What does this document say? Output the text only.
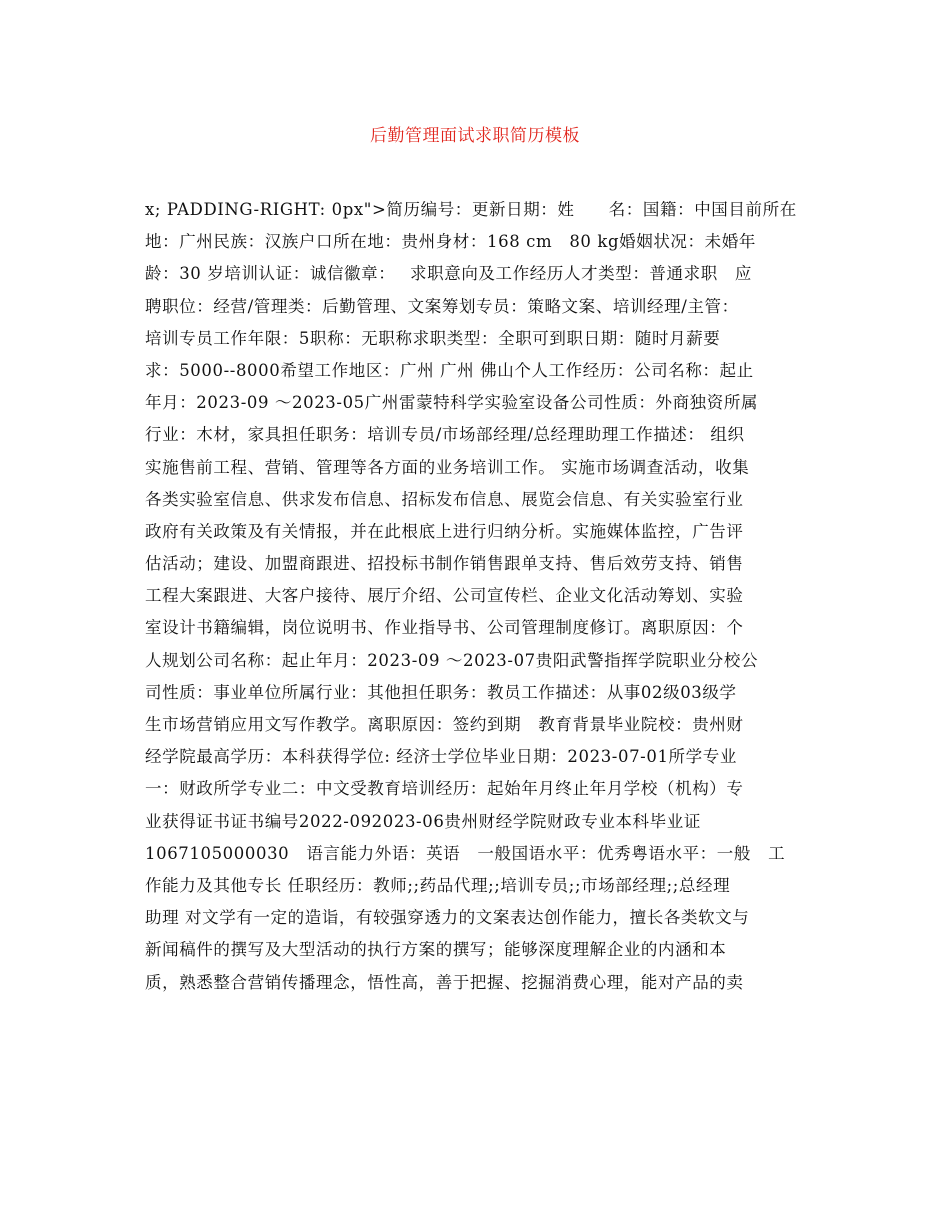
后勤管理面试求职简历模板
x; PADDING-RIGHT: 0px">简历编号：更新日期：姓　　名：国籍：中国目前所在
地：广州民族：汉族户口所在地：贵州身材：168 cm　80 kg婚姻状况：未婚年
龄：30 岁培训认证：诚信徽章：　 求职意向及工作经历人才类型：普通求职　应
聘职位：经营/管理类：后勤管理、文案筹划专员：策略文案、培训经理/主管：
培训专员工作年限：5职称：无职称求职类型：全职可到职日期：随时月薪要
求：5000--8000希望工作地区：广州 广州 佛山个人工作经历：公司名称：起止
年月：2023-09 ～2023-05广州雷蒙特科学实验室设备公司性质：外商独资所属
行业：木材，家具担任职务：培训专员/市场部经理/总经理助理工作描述： 组织
实施售前工程、营销、管理等各方面的业务培训工作。 实施市场调查活动，收集
各类实验室信息、供求发布信息、招标发布信息、展览会信息、有关实验室行业
政府有关政策及有关情报，并在此根底上进行归纳分析。实施媒体监控，广告评
估活动；建设、加盟商跟进、招投标书制作销售跟单支持、售后效劳支持、销售
工程大案跟进、大客户接待、展厅介绍、公司宣传栏、企业文化活动筹划、实验
室设计书籍编辑，岗位说明书、作业指导书、公司管理制度修订。离职原因：个
人规划公司名称：起止年月：2023-09 ～2023-07贵阳武警指挥学院职业分校公
司性质：事业单位所属行业：其他担任职务：教员工作描述：从事02级03级学
生市场营销应用文写作教学。离职原因：签约到期　教育背景毕业院校：贵州财
经学院最高学历：本科获得学位: 经济士学位毕业日期：2023-07-01所学专业
一：财政所学专业二：中文受教育培训经历：起始年月终止年月学校（机构）专
业获得证书证书编号2022-092023-06贵州财经学院财政专业本科毕业证
1067105000030　语言能力外语：英语　一般国语水平：优秀粤语水平：一般　工
作能力及其他专长 任职经历：教师;;药品代理;;培训专员;;市场部经理;;总经理
助理 对文学有一定的造诣，有较强穿透力的文案表达创作能力，擅长各类软文与
新闻稿件的撰写及大型活动的执行方案的撰写；能够深度理解企业的内涵和本
质，熟悉整合营销传播理念，悟性高，善于把握、挖掘消费心理，能对产品的卖
